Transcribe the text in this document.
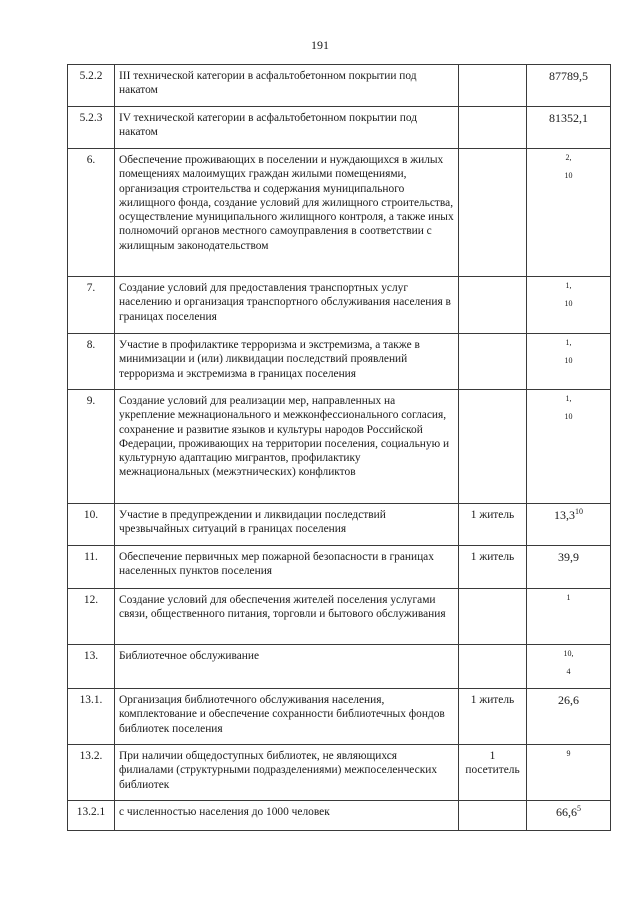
191
5.2.2	III технической категории в асфальтобетонном покрытии под накатом		87789,5
5.2.3	IV технической категории в асфальтобетонном покрытии под накатом		81352,1
6.	Обеспечение проживающих в поселении и нуждающихся в жилых помещениях малоимущих граждан жилыми помещениями, организация строительства и содержания муниципального жилищного фонда, создание условий для жилищного строительства, осуществление муниципального жилищного контроля, а также иных полномочий органов местного самоуправления в соответствии с жилищным законодательством		2,
10

7.	Создание условий для предоставления транспортных услуг населению и организация транспортного обслуживания населения в границах поселения		1,
10

8.	Участие в профилактике терроризма и экстремизма, а также в минимизации и (или) ликвидации последствий проявлений терроризма и экстремизма в границах поселения		1,
10

9.	Создание условий для реализации мер, направленных на укрепление межнационального и межконфессионального согласия, сохранение и развитие языков и культуры народов Российской Федерации, проживающих на территории поселения, социальную и культурную адаптацию мигрантов, профилактику межнациональных (межэтнических) конфликтов		1,
10

10.	Участие в предупреждении и ликвидации последствий чрезвычайных ситуаций в границах поселения	1 житель	13,3$^{10}$
11.	Обеспечение первичных мер пожарной безопасности в границах населенных пунктов поселения	1 житель	39,9
12.	Создание условий для обеспечения жителей поселения услугами связи, общественного питания, торговли и бытового обслуживания		1

13.	Библиотечное обслуживание		10,
4

13.1.	Организация библиотечного обслуживания населения, комплектование и обеспечение сохранности библиотечных фондов библиотек поселения	1 житель	26,6
13.2.	При наличии общедоступных библиотек, не являющихся филиалами (структурными подразделениями) межпоселенческих библиотек	1 посетитель	9

13.2.1	с численностью населения до 1000 человек		66,6$^5$
